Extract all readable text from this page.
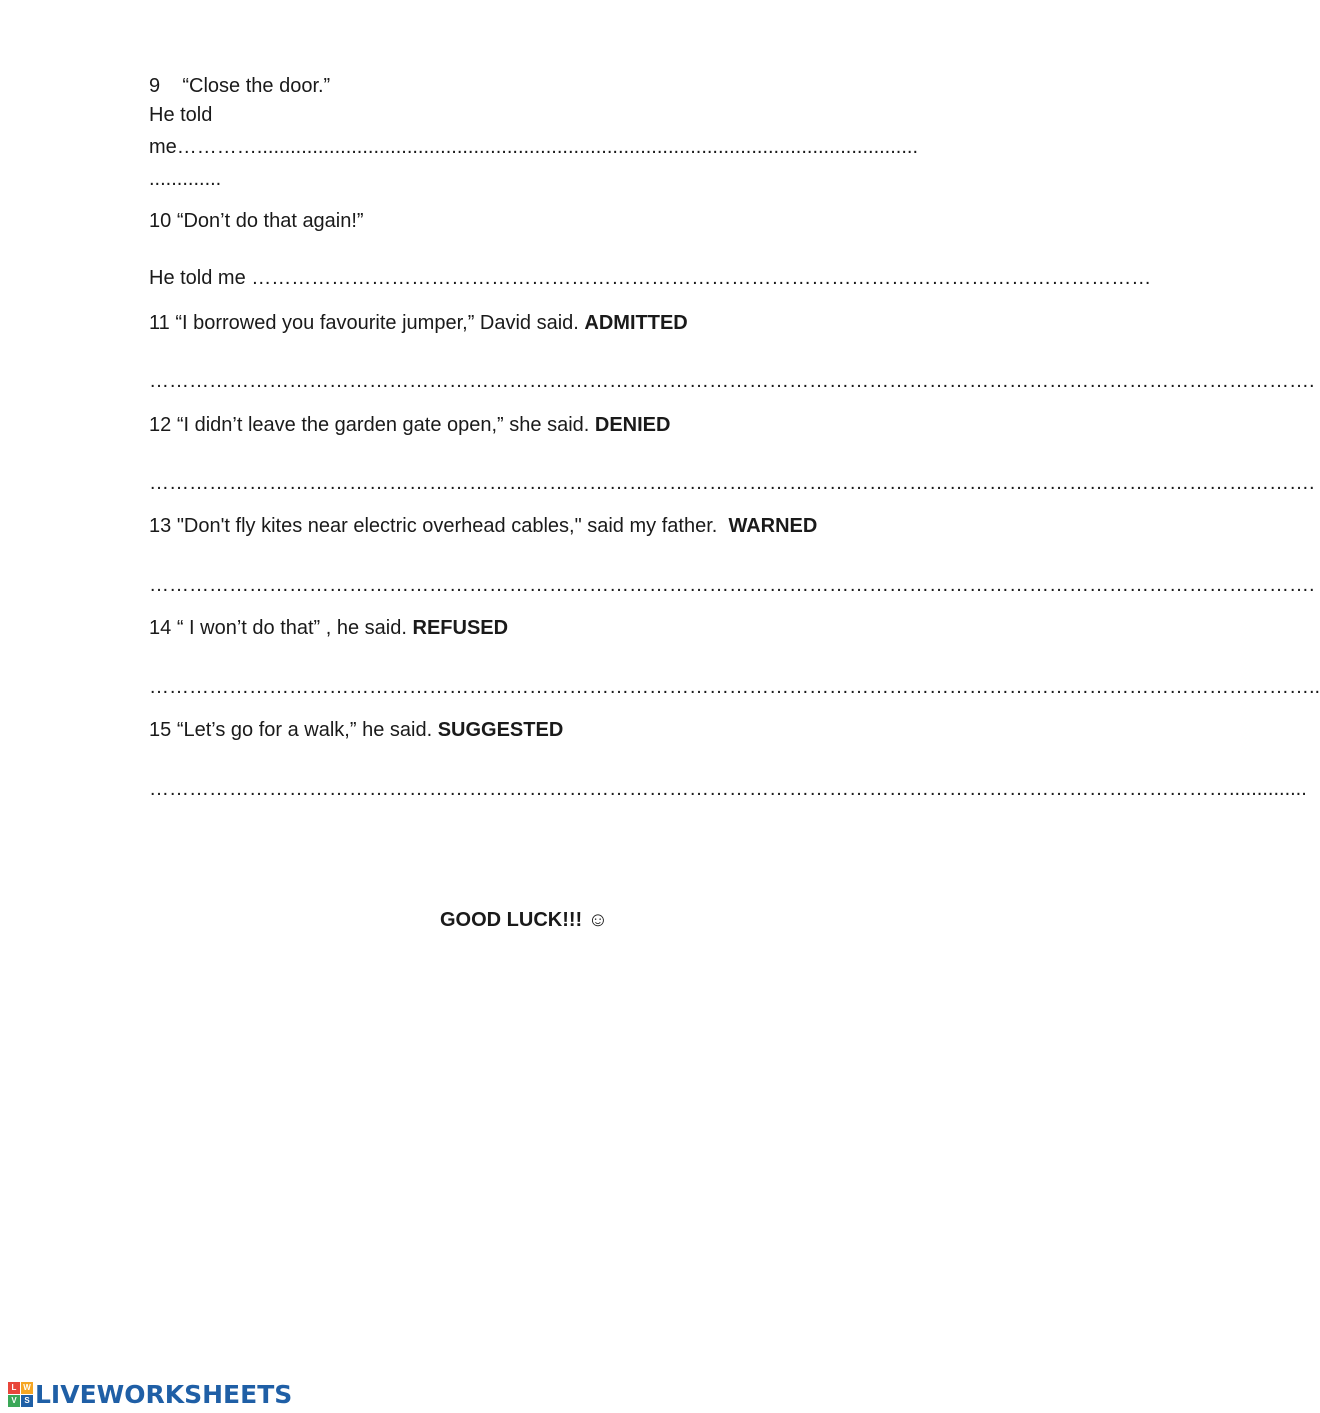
9 “Close the door.”
He told
me………….......................................................................................................................
.............
10 “Don’t do that again!”
He told me ………………………………………………………………………………………………………………………
11 “I borrowed you favourite jumper,” David said. ADMITTED
………………………………………………………………………………………………………………………………………………………….
12 “I didn’t leave the garden gate open,” she said. DENIED
………………………………………………………………………………………………………………………………………………………….
13 "Don't fly kites near electric overhead cables," said my father. WARNED
………………………………………………………………………………………………………………………………………………………….
14 “ I won’t do that” , he said. REFUSED
…………………………………………………………………………………………………………………………………………………………..
15 “Let’s go for a walk,” he said. SUGGESTED
………………………………………………………………………………………………………………………………………………..............
GOOD LUCK!!! ☺
L W
V S LIVEWORKSHEETS
